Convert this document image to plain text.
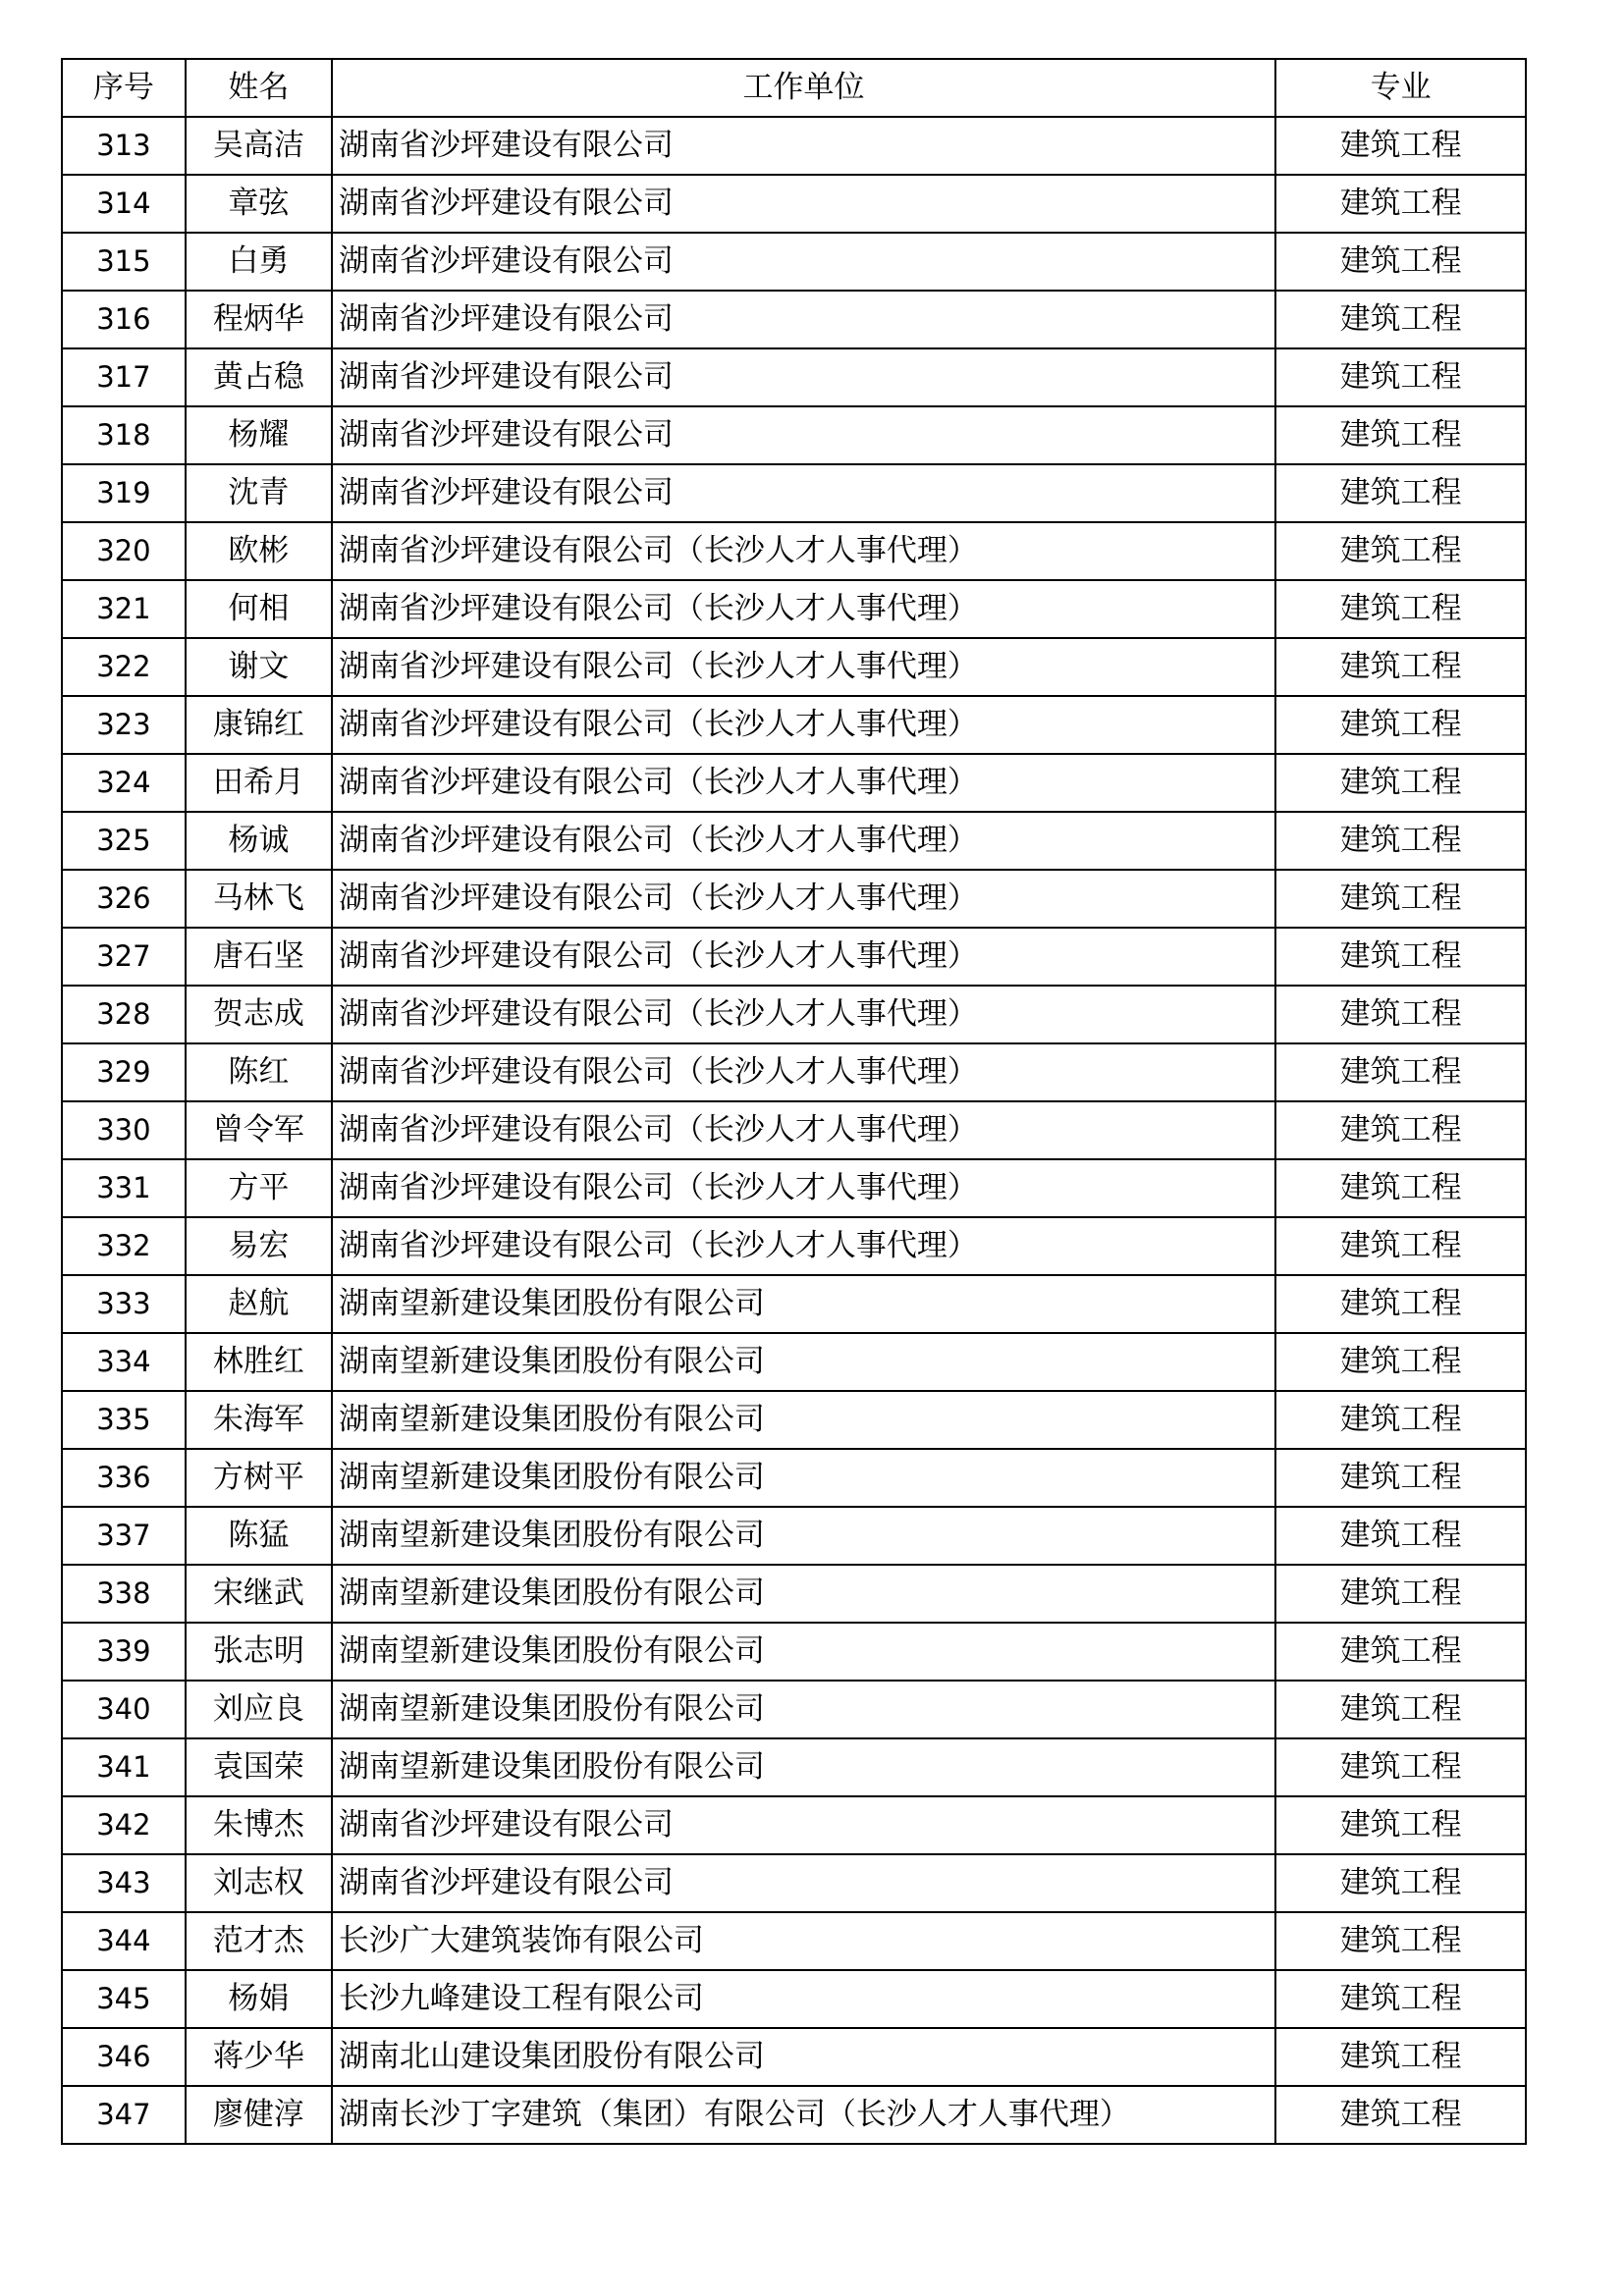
序号	姓名	工作单位	专业
313	吴高洁	湖南省沙坪建设有限公司	建筑工程
314	章弦	湖南省沙坪建设有限公司	建筑工程
315	白勇	湖南省沙坪建设有限公司	建筑工程
316	程炳华	湖南省沙坪建设有限公司	建筑工程
317	黄占稳	湖南省沙坪建设有限公司	建筑工程
318	杨耀	湖南省沙坪建设有限公司	建筑工程
319	沈青	湖南省沙坪建设有限公司	建筑工程
320	欧彬	湖南省沙坪建设有限公司（长沙人才人事代理）	建筑工程
321	何相	湖南省沙坪建设有限公司（长沙人才人事代理）	建筑工程
322	谢文	湖南省沙坪建设有限公司（长沙人才人事代理）	建筑工程
323	康锦红	湖南省沙坪建设有限公司（长沙人才人事代理）	建筑工程
324	田希月	湖南省沙坪建设有限公司（长沙人才人事代理）	建筑工程
325	杨诚	湖南省沙坪建设有限公司（长沙人才人事代理）	建筑工程
326	马林飞	湖南省沙坪建设有限公司（长沙人才人事代理）	建筑工程
327	唐石坚	湖南省沙坪建设有限公司（长沙人才人事代理）	建筑工程
328	贺志成	湖南省沙坪建设有限公司（长沙人才人事代理）	建筑工程
329	陈红	湖南省沙坪建设有限公司（长沙人才人事代理）	建筑工程
330	曾令军	湖南省沙坪建设有限公司（长沙人才人事代理）	建筑工程
331	方平	湖南省沙坪建设有限公司（长沙人才人事代理）	建筑工程
332	易宏	湖南省沙坪建设有限公司（长沙人才人事代理）	建筑工程
333	赵航	湖南望新建设集团股份有限公司	建筑工程
334	林胜红	湖南望新建设集团股份有限公司	建筑工程
335	朱海军	湖南望新建设集团股份有限公司	建筑工程
336	方树平	湖南望新建设集团股份有限公司	建筑工程
337	陈猛	湖南望新建设集团股份有限公司	建筑工程
338	宋继武	湖南望新建设集团股份有限公司	建筑工程
339	张志明	湖南望新建设集团股份有限公司	建筑工程
340	刘应良	湖南望新建设集团股份有限公司	建筑工程
341	袁国荣	湖南望新建设集团股份有限公司	建筑工程
342	朱博杰	湖南省沙坪建设有限公司	建筑工程
343	刘志权	湖南省沙坪建设有限公司	建筑工程
344	范才杰	长沙广大建筑装饰有限公司	建筑工程
345	杨娟	长沙九峰建设工程有限公司	建筑工程
346	蒋少华	湖南北山建设集团股份有限公司	建筑工程
347	廖健淳	湖南长沙丁字建筑（集团）有限公司（长沙人才人事代理）	建筑工程
